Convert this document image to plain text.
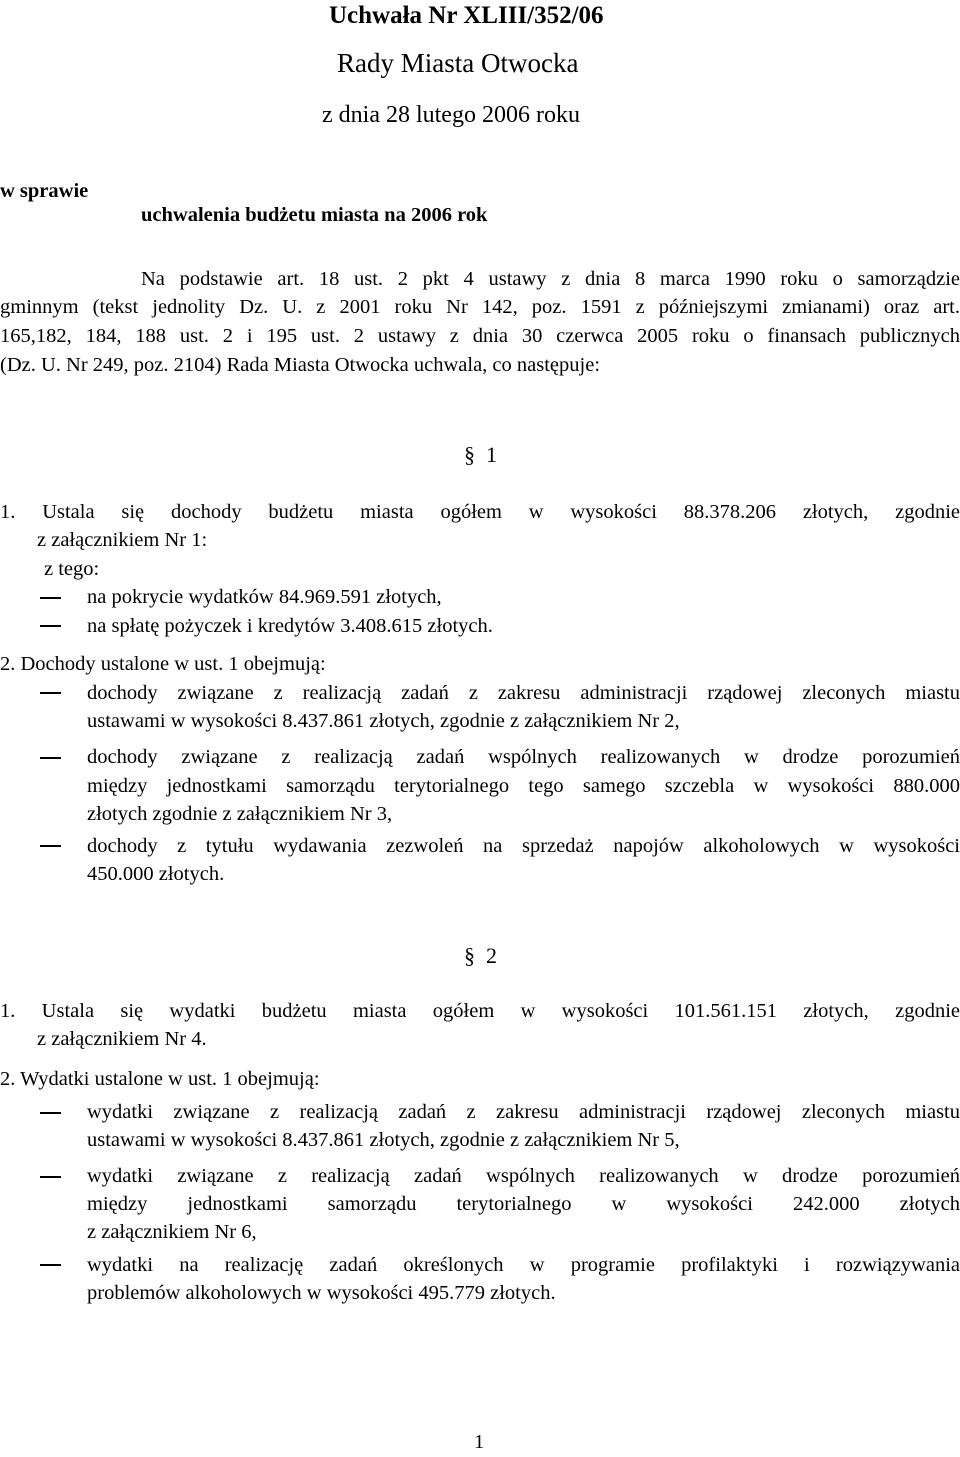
Uchwała Nr XLIII/352/06
Rady Miasta Otwocka
z dnia 28 lutego 2006 roku
w sprawie
uchwalenia budżetu miasta na 2006 rok
Na podstawie art. 18 ust. 2 pkt 4 ustawy z dnia 8 marca 1990 roku o samorządzie
gminnym (tekst jednolity Dz. U. z 2001 roku Nr 142, poz. 1591 z późniejszymi zmianami) oraz art.
165,182, 184, 188 ust. 2 i 195 ust. 2 ustawy z dnia 30 czerwca 2005 roku o finansach publicznych
(Dz. U. Nr 249, poz. 2104) Rada Miasta Otwocka uchwala, co następuje:
§ 1
1. Ustala się dochody budżetu miasta ogółem w wysokości 88.378.206 złotych, zgodnie
z załącznikiem Nr 1:
z tego:
na pokrycie wydatków 84.969.591 złotych,
na spłatę pożyczek i kredytów 3.408.615 złotych.
2. Dochody ustalone w ust. 1 obejmują:
dochody związane z realizacją zadań z zakresu administracji rządowej zleconych miastu
ustawami w wysokości 8.437.861 złotych, zgodnie z załącznikiem Nr 2,
dochody związane z realizacją zadań wspólnych realizowanych w drodze porozumień
między jednostkami samorządu terytorialnego tego samego szczebla w wysokości 880.000
złotych zgodnie z załącznikiem Nr 3,
dochody z tytułu wydawania zezwoleń na sprzedaż napojów alkoholowych w wysokości
450.000 złotych.
§ 2
1. Ustala się wydatki budżetu miasta ogółem w wysokości 101.561.151 złotych, zgodnie
z załącznikiem Nr 4.
2. Wydatki ustalone w ust. 1 obejmują:
wydatki związane z realizacją zadań z zakresu administracji rządowej zleconych miastu
ustawami w wysokości 8.437.861 złotych, zgodnie z załącznikiem Nr 5,
wydatki związane z realizacją zadań wspólnych realizowanych w drodze porozumień
między jednostkami samorządu terytorialnego w wysokości 242.000 złotych
z załącznikiem Nr 6,
wydatki na realizację zadań określonych w programie profilaktyki i rozwiązywania
problemów alkoholowych w wysokości 495.779 złotych.
1
